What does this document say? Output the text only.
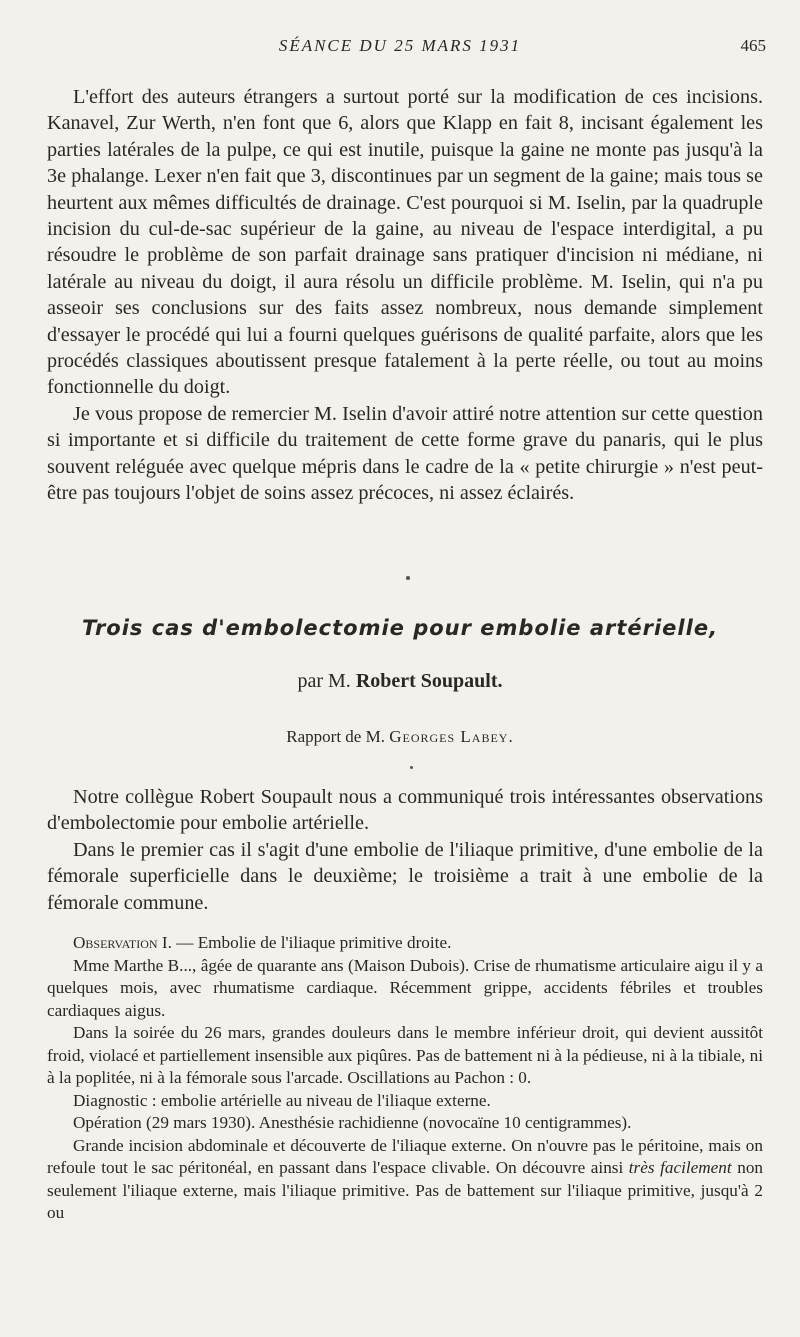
SÉANCE DU 25 MARS 1931	465

L'effort des auteurs étrangers a surtout porté sur la modification de ces incisions. Kanavel, Zur Werth, n'en font que 6, alors que Klapp en fait 8, incisant également les parties latérales de la pulpe, ce qui est inutile, puisque la gaine ne monte pas jusqu'à la 3e phalange. Lexer n'en fait que 3, discontinues par un segment de la gaine; mais tous se heurtent aux mêmes difficultés de drainage. C'est pourquoi si M. Iselin, par la quadruple incision du cul-de-sac supérieur de la gaine, au niveau de l'espace interdigital, a pu résoudre le problème de son parfait drainage sans pratiquer d'incision ni médiane, ni latérale au niveau du doigt, il aura résolu un difficile problème. M. Iselin, qui n'a pu asseoir ses conclusions sur des faits assez nombreux, nous demande simplement d'essayer le procédé qui lui a fourni quelques guérisons de qualité parfaite, alors que les procédés classiques aboutissent presque fatalement à la perte réelle, ou tout au moins fonctionnelle du doigt.

Je vous propose de remercier M. Iselin d'avoir attiré notre attention sur cette question si importante et si difficile du traitement de cette forme grave du panaris, qui le plus souvent reléguée avec quelque mépris dans le cadre de la « petite chirurgie » n'est peut-être pas toujours l'objet de soins assez précoces, ni assez éclairés.

Trois cas d'embolectomie pour embolie artérielle,
par M. Robert Soupault.
Rapport de M. Georges Labey.

Notre collègue Robert Soupault nous a communiqué trois intéressantes observations d'embolectomie pour embolie artérielle.

Dans le premier cas il s'agit d'une embolie de l'iliaque primitive, d'une embolie de la fémorale superficielle dans le deuxième; le troisième a trait à une embolie de la fémorale commune.

Observation I. — Embolie de l'iliaque primitive droite.

Mme Marthe B..., âgée de quarante ans (Maison Dubois). Crise de rhumatisme articulaire aigu il y a quelques mois, avec rhumatisme cardiaque. Récemment grippe, accidents fébriles et troubles cardiaques aigus.

Dans la soirée du 26 mars, grandes douleurs dans le membre inférieur droit, qui devient aussitôt froid, violacé et partiellement insensible aux piqûres. Pas de battement ni à la pédieuse, ni à la tibiale, ni à la poplitée, ni à la fémorale sous l'arcade. Oscillations au Pachon : 0.

Diagnostic : embolie artérielle au niveau de l'iliaque externe.

Opération (29 mars 1930). Anesthésie rachidienne (novocaïne 10 centigrammes).

Grande incision abdominale et découverte de l'iliaque externe. On n'ouvre pas le péritoine, mais on refoule tout le sac péritonéal, en passant dans l'espace clivable. On découvre ainsi très facilement non seulement l'iliaque externe, mais l'iliaque primitive. Pas de battement sur l'iliaque primitive, jusqu'à 2 ou
